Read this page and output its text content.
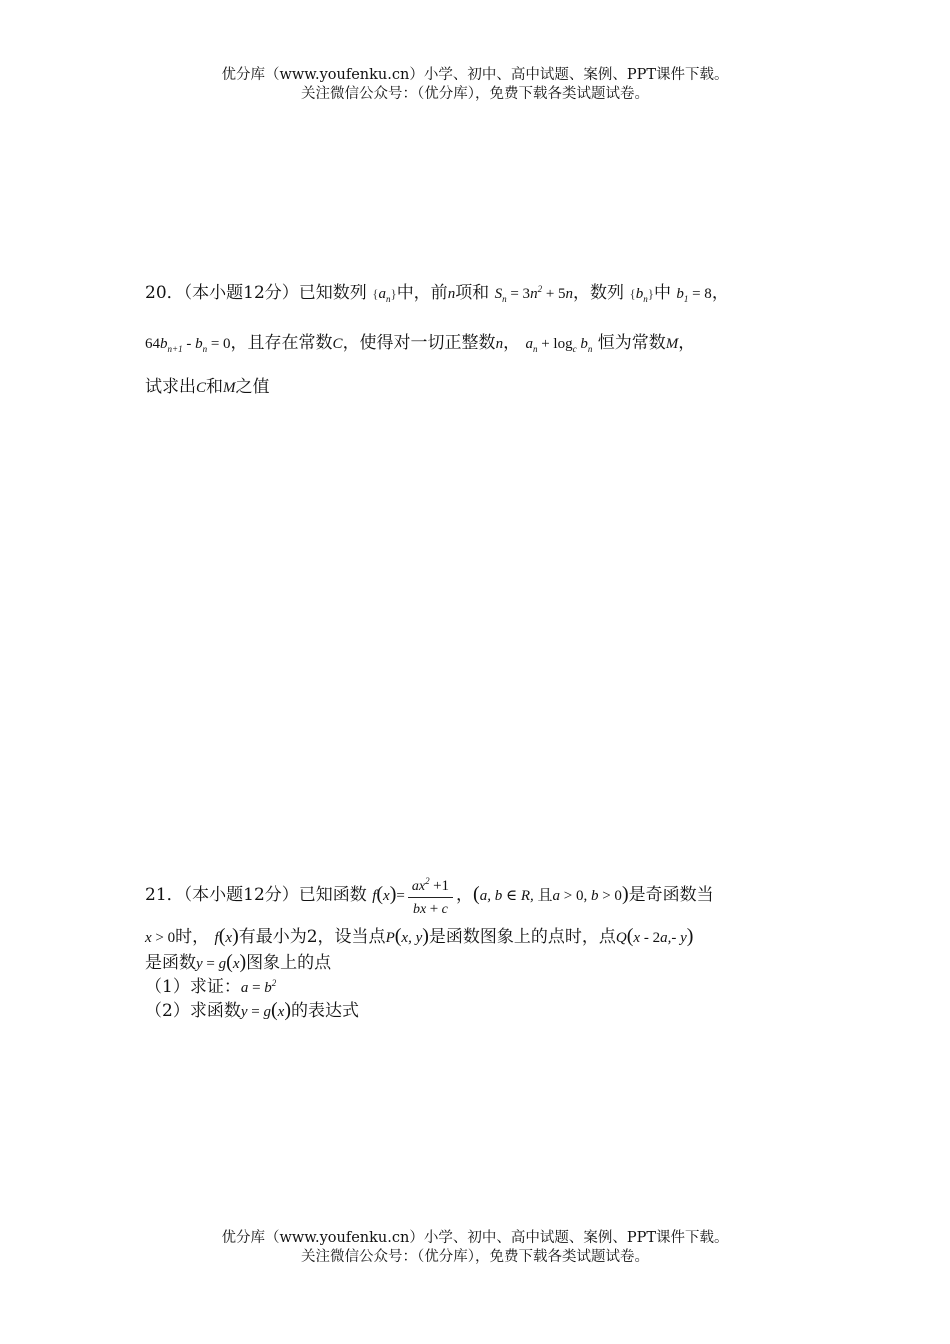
优分库（www.youfenku.cn）小学、初中、高中试题、案例、PPT课件下载。

关注微信公众号：（优分库），免费下载各类试题试卷。

20．（本小题12分）已知数列 $\{a_n\}$中，前n项和 $S_n = 3n^2 + 5n$，数列 $\{b_n\}$中 $b_1 = 8$，
$64b_{n+1} - b_n = 0$，且存在常数C，使得对一切正整数n， $a_n + \log_c b_n$ 恒为常数M，
试求出C和M之值
21．（本小题12分）已知函数 $f(x)= \frac{ax^2 +1}{bx + c}$ ，(a, b ∈ R, 且a > 0, b > 0)是奇函数当
x > 0时， f(x)有最小为2，设当点P(x, y)是函数图象上的点时，点Q(x - 2a,- y)
是函数y = g(x)图象上的点
（1）求证：$a = b^2$
（2）求函数y = g(x)的表达式

优分库（www.youfenku.cn）小学、初中、高中试题、案例、PPT课件下载。

关注微信公众号：（优分库），免费下载各类试题试卷。
